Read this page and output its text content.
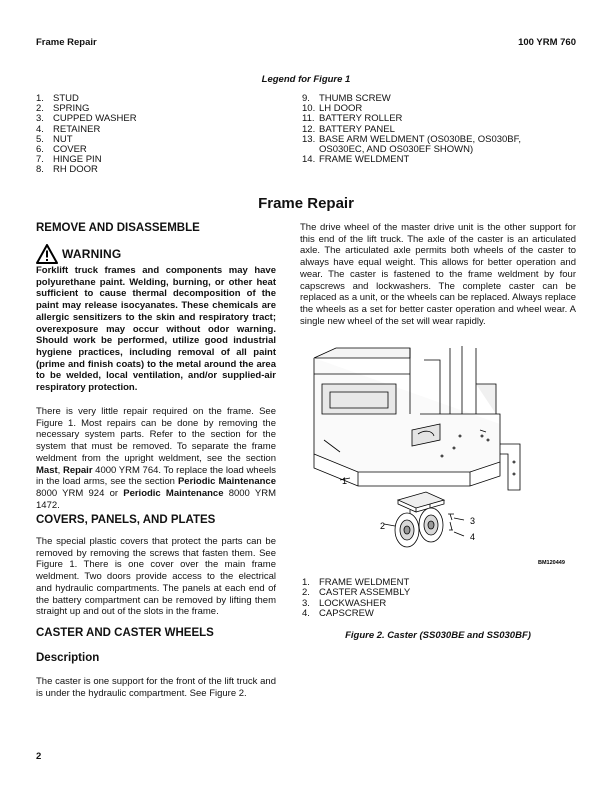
Frame Repair	100 YRM 760
Legend for Figure 1
1. STUD
2. SPRING
3. CUPPED WASHER
4. RETAINER
5. NUT
6. COVER
7. HINGE PIN
8. RH DOOR
9. THUMB SCREW
10. LH DOOR
11. BATTERY ROLLER
12. BATTERY PANEL
13. BASE ARM WELDMENT (OS030BE, OS030BF,
OS030EC, AND OS030EF SHOWN)
14. FRAME WELDMENT
Frame Repair
REMOVE AND DISASSEMBLE
WARNING
Forklift truck frames and components may have polyurethane paint. Welding, burning, or other heat sufficient to cause thermal decomposition of the paint may release isocyanates. These chemicals are allergic sensitizers to the skin and respiratory tract; overexposure may occur without odor warning. Should work be performed, utilize good industrial hygiene practices, including removal of all paint (prime and finish coats) to the metal around the area to be welded, local ventilation, and/or supplied-air respiratory protection.
There is very little repair required on the frame. See Figure 1. Most repairs can be done by removing the necessary system parts. Refer to the section for the system that must be removed. To separate the frame weldment from the upright weldment, see the section Mast, Repair 4000 YRM 764. To replace the load wheels in the load arms, see the section Periodic Maintenance 8000 YRM 924 or Periodic Maintenance 8000 YRM 1472.
COVERS, PANELS, AND PLATES
The special plastic covers that protect the parts can be removed by removing the screws that fasten them. See Figure 1. There is one cover over the main frame weldment. Two doors provide access to the electrical and hydraulic compartments. The panels at each end of the battery compartment can be removed by lifting them straight up and out of the slots in the frame.
CASTER AND CASTER WHEELS
Description
The caster is one support for the front of the lift truck and is under the hydraulic compartment. See Figure 2.
The drive wheel of the master drive unit is the other support for this end of the lift truck. The axle of the caster is an articulated axle. The articulated axle permits both wheels of the caster to always have equal weight. This allows for better operation and wear. The caster is fastened to the frame weldment by four capscrews and lockwashers. The complete caster can be replaced as a unit, or the wheels can be replaced. Always replace the wheels as a set for better caster operation and wheel wear. A single new wheel of the set will wear rapidly.
1
2	3
4
BM120449
1. FRAME WELDMENT
2. CASTER ASSEMBLY
3. LOCKWASHER
4. CAPSCREW
Figure 2. Caster (SS030BE and SS030BF)
2
